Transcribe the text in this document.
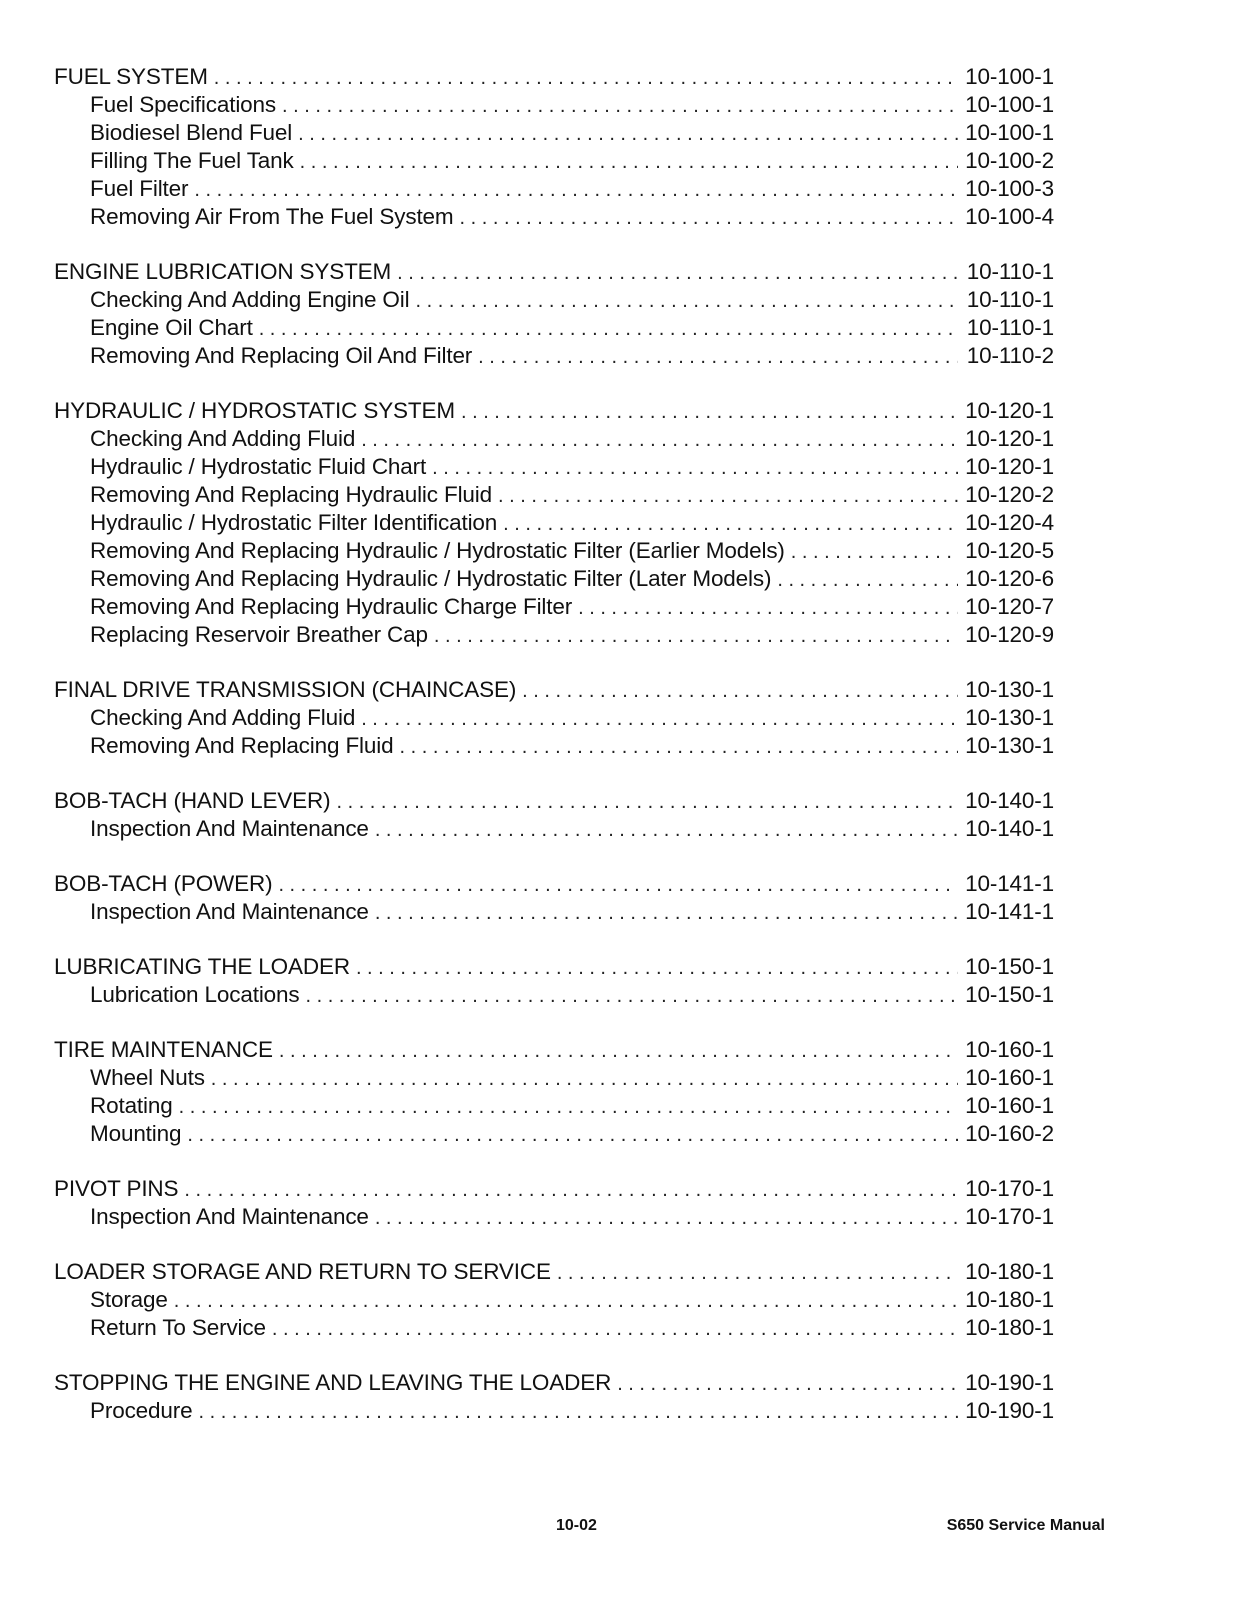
FUEL SYSTEM . . .	10-100-1
Fuel Specifications . . .	10-100-1
Biodiesel Blend Fuel . . .	10-100-1
Filling The Fuel Tank . . .	10-100-2
Fuel Filter . . .	10-100-3
Removing Air From The Fuel System . . .	10-100-4
ENGINE LUBRICATION SYSTEM . . .	10-110-1
Checking And Adding Engine Oil . . .	10-110-1
Engine Oil Chart . . .	10-110-1
Removing And Replacing Oil And Filter . . .	10-110-2
HYDRAULIC / HYDROSTATIC SYSTEM . . .	10-120-1
Checking And Adding Fluid . . .	10-120-1
Hydraulic / Hydrostatic Fluid Chart . . .	10-120-1
Removing And Replacing Hydraulic Fluid . . .	10-120-2
Hydraulic / Hydrostatic Filter Identification . . .	10-120-4
Removing And Replacing Hydraulic / Hydrostatic Filter (Earlier Models) . . .	10-120-5
Removing And Replacing Hydraulic / Hydrostatic Filter (Later Models) . . .	10-120-6
Removing And Replacing Hydraulic Charge Filter . . .	10-120-7
Replacing Reservoir Breather Cap . . .	10-120-9
FINAL DRIVE TRANSMISSION (CHAINCASE) . . .	10-130-1
Checking And Adding Fluid . . .	10-130-1
Removing And Replacing Fluid . . .	10-130-1
BOB-TACH (HAND LEVER) . . .	10-140-1
Inspection And Maintenance . . .	10-140-1
BOB-TACH (POWER) . . .	10-141-1
Inspection And Maintenance . . .	10-141-1
LUBRICATING THE LOADER . . .	10-150-1
Lubrication Locations . . .	10-150-1
TIRE MAINTENANCE . . .	10-160-1
Wheel Nuts . . .	10-160-1
Rotating . . .	10-160-1
Mounting . . .	10-160-2
PIVOT PINS . . .	10-170-1
Inspection And Maintenance . . .	10-170-1
LOADER STORAGE AND RETURN TO SERVICE . . .	10-180-1
Storage . . .	10-180-1
Return To Service . . .	10-180-1
STOPPING THE ENGINE AND LEAVING THE LOADER . . .	10-190-1
Procedure . . .	10-190-1
10-02	S650 Service Manual
